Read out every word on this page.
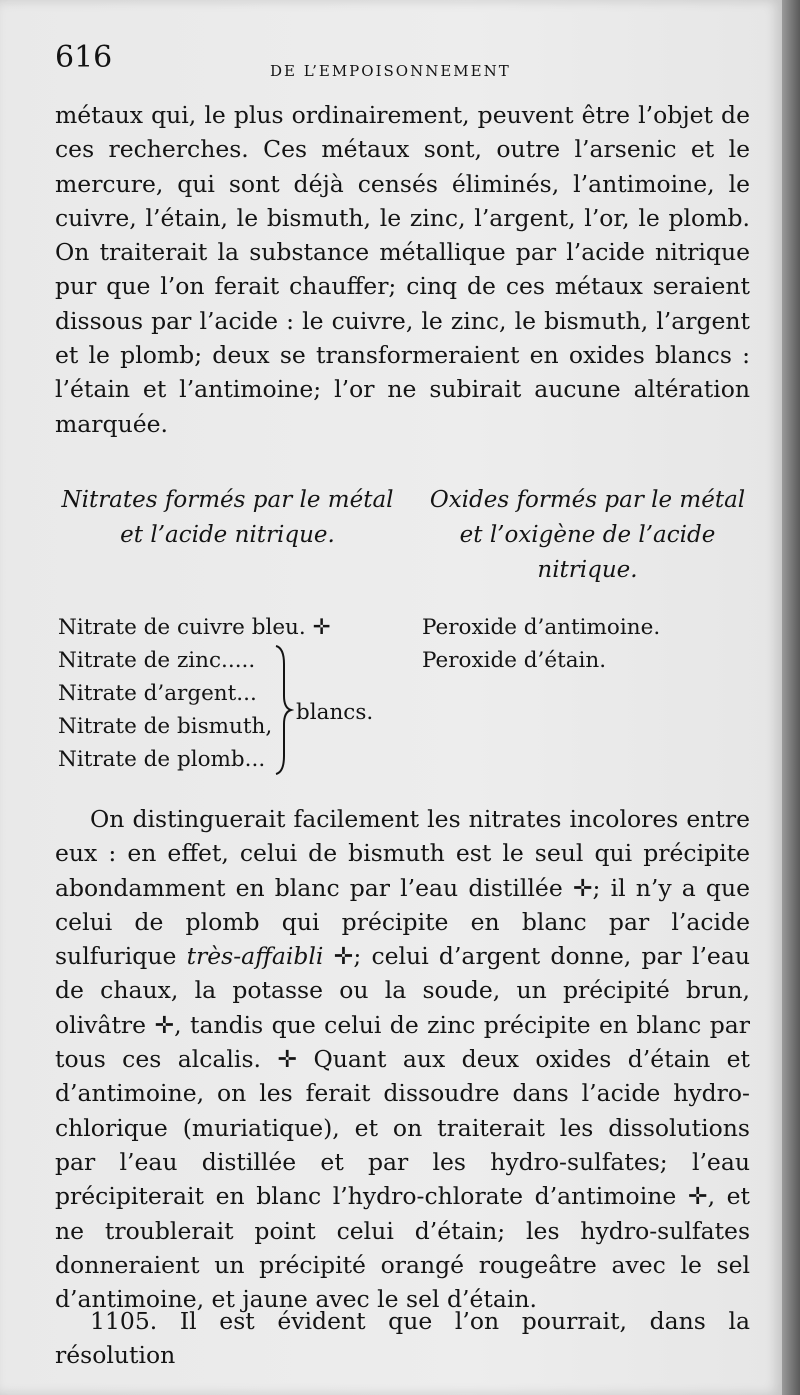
616	DE L’EMPOISONNEMENT

métaux qui, le plus ordinairement, peuvent être l’objet de ces recherches. Ces métaux sont, outre l’arsenic et le mercure, qui sont déjà censés éliminés, l’antimoine, le cuivre, l’étain, le bismuth, le zinc, l’argent, l’or, le plomb. On traiterait la substance métallique par l’acide nitrique pur que l’on ferait chauffer; cinq de ces métaux seraient dissous par l’acide : le cuivre, le zinc, le bismuth, l’argent et le plomb; deux se transformeraient en oxides blancs : l’étain et l’antimoine; l’or ne subirait aucune altération marquée.

Nitrates formés par le métal et l’acide nitrique.
Oxides formés par le métal et l’oxigène de l’acide nitrique.
Nitrate de cuivre bleu. ✛
Nitrate de zinc.....
Nitrate d’argent...
Nitrate de bismuth,
Nitrate de plomb...
blancs.
Peroxide d’antimoine.
Peroxide d’étain.

On distinguerait facilement les nitrates incolores entre eux : en effet, celui de bismuth est le seul qui précipite abondamment en blanc par l’eau distillée ✛; il n’y a que celui de plomb qui précipite en blanc par l’acide sulfurique très-affaibli ✛; celui d’argent donne, par l’eau de chaux, la potasse ou la soude, un précipité brun, olivâtre ✛, tandis que celui de zinc précipite en blanc par tous ces alcalis. ✛ Quant aux deux oxides d’étain et d’antimoine, on les ferait dissoudre dans l’acide hydro-chlorique (muriatique), et on traiterait les dissolutions par l’eau distillée et par les hydro-sulfates; l’eau précipiterait en blanc l’hydro-chlorate d’antimoine ✛, et ne troublerait point celui d’étain; les hydro-sulfates donneraient un précipité orangé rougeâtre avec le sel d’antimoine, et jaune avec le sel d’étain.

1105. Il est évident que l’on pourrait, dans la résolution
